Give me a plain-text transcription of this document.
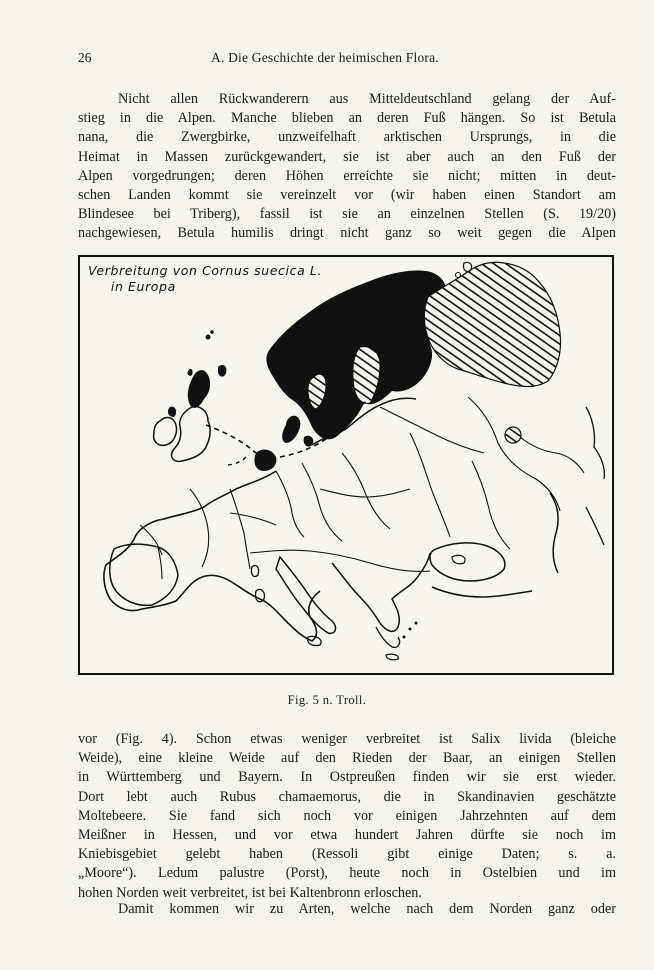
26	A. Die Geschichte der heimischen Flora.

Nicht allen Rückwanderern aus Mitteldeutschland gelang der Auf-
stieg in die Alpen. Manche blieben an deren Fuß hängen. So ist Betula
nana, die Zwergbirke, unzweifelhaft arktischen Ursprungs, in die
Heimat in Massen zurückgewandert, sie ist aber auch an den Fuß der
Alpen vorgedrungen; deren Höhen erreichte sie nicht; mitten in deut-
schen Landen kommt sie vereinzelt vor (wir haben einen Standort am
Blindesee bei Triberg), fassil ist sie an einzelnen Stellen (S. 19/20)
nachgewiesen, Betula humilis dringt nicht ganz so weit gegen die Alpen

Verbreitung von Cornus suecica L.
in Europa
Fig. 5 n. Troll.

vor (Fig. 4). Schon etwas weniger verbreitet ist Salix livida (bleiche
Weide), eine kleine Weide auf den Rieden der Baar, an einigen Stellen
in Württemberg und Bayern. In Ostpreußen finden wir sie erst wieder.
Dort lebt auch Rubus chamaemorus, die in Skandinavien geschätzte
Moltebeere. Sie fand sich noch vor einigen Jahrzehnten auf dem
Meißner in Hessen, und vor etwa hundert Jahren dürfte sie noch im
Kniebisgebiet gelebt haben (Ressoli gibt einige Daten; s. a.
„Moore“). Ledum palustre (Porst), heute noch in Ostelbien und im
hohen Norden weit verbreitet, ist bei Kaltenbronn erloschen.

Damit kommen wir zu Arten, welche nach dem Norden ganz oder
